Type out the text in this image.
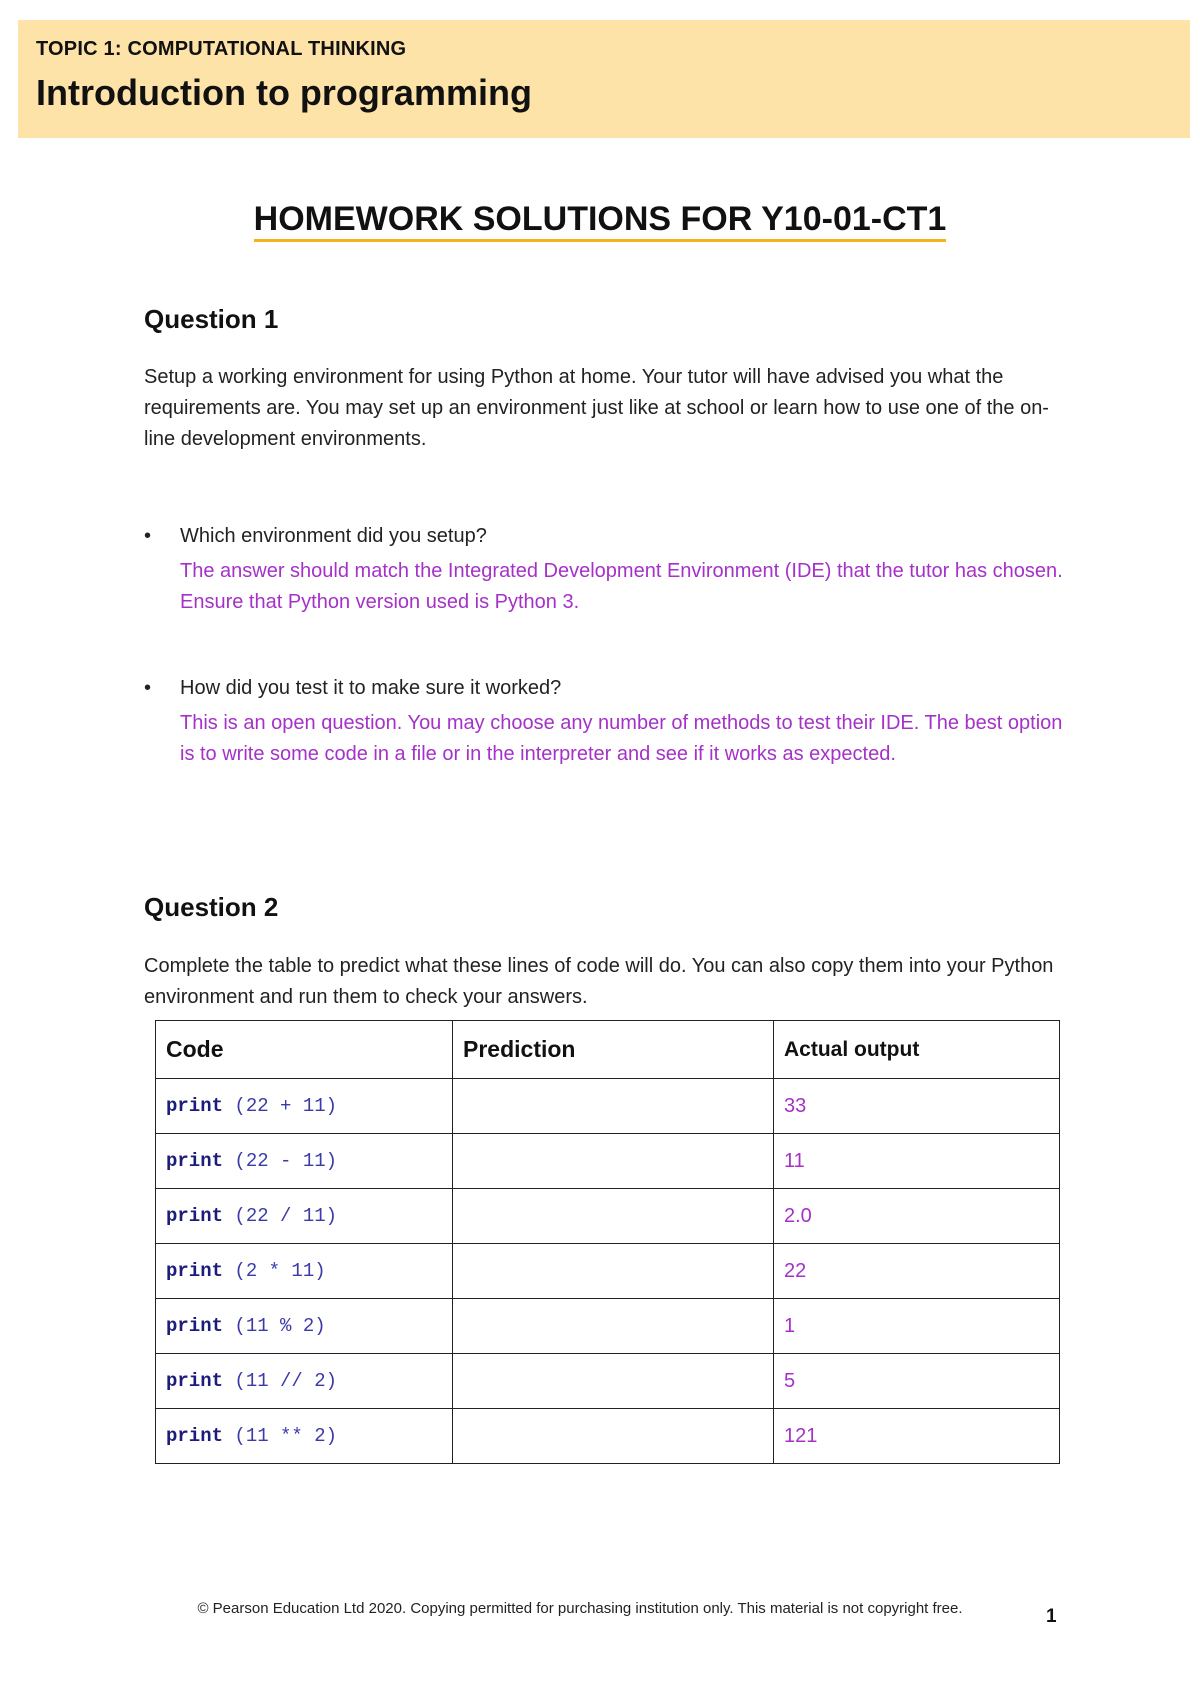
TOPIC 1: COMPUTATIONAL THINKING
Introduction to programming
HOMEWORK SOLUTIONS FOR Y10-01-CT1
Question 1
Setup a working environment for using Python at home. Your tutor will have advised you what the requirements are. You may set up an environment just like at school or learn how to use one of the on-line development environments.
• Which environment did you setup?
The answer should match the Integrated Development Environment (IDE) that the tutor has chosen. Ensure that Python version used is Python 3.
• How did you test it to make sure it worked?
This is an open question. You may choose any number of methods to test their IDE. The best option is to write some code in a file or in the interpreter and see if it works as expected.
Question 2
Complete the table to predict what these lines of code will do. You can also copy them into your Python environment and run them to check your answers.
Code	Prediction	Actual output
print (22 + 11)		33
print (22 - 11)		11
print (22 / 11)		2.0
print (2 * 11)		22
print (11 % 2)		1
print (11 // 2)		5
print (11 ** 2)		121
© Pearson Education Ltd 2020. Copying permitted for purchasing institution only. This material is not copyright free.	1
